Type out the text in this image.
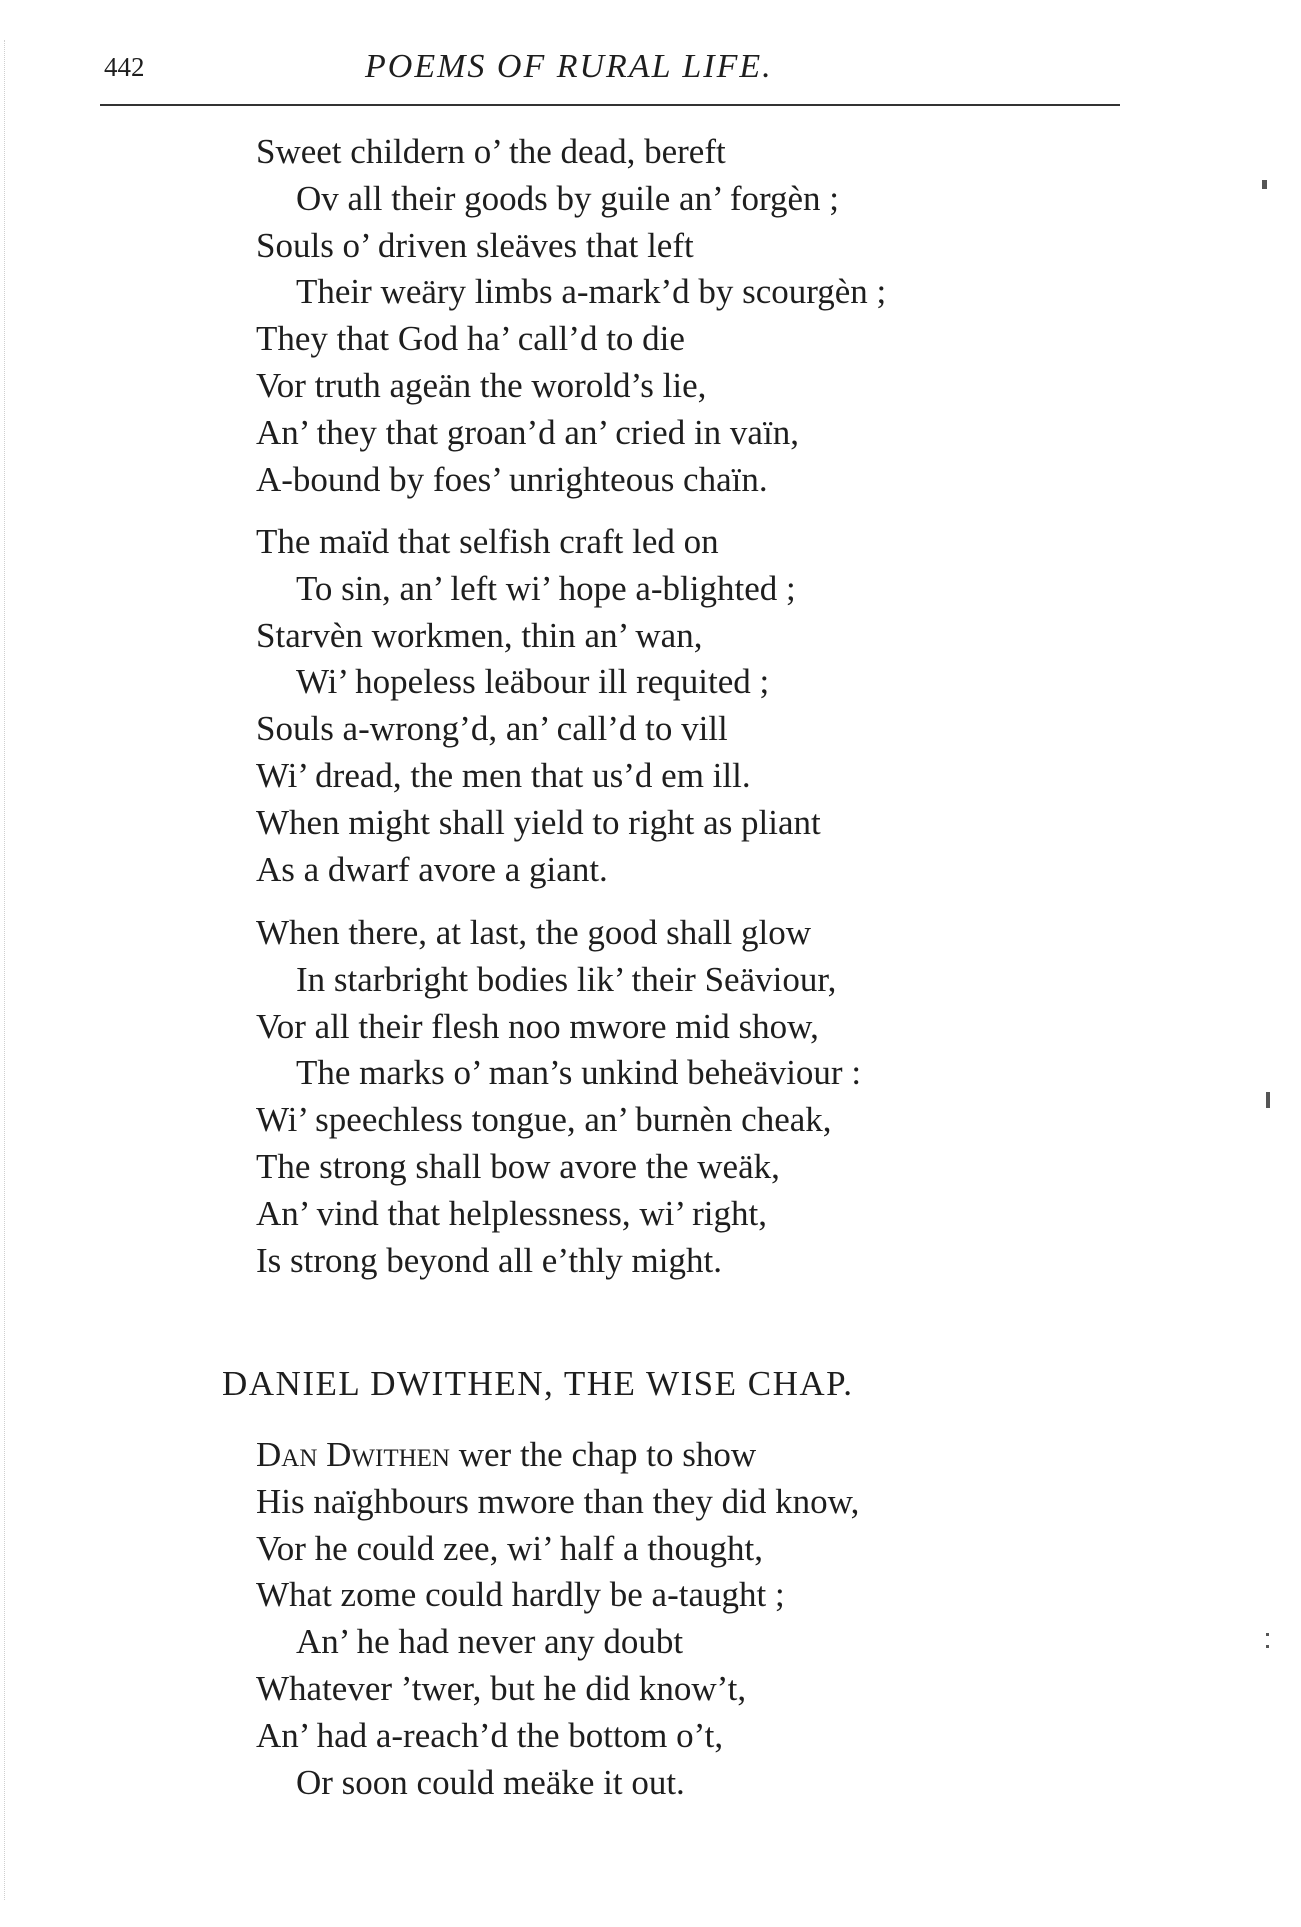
442	POEMS OF RURAL LIFE.
Sweet childern o’ the dead, bereft
Ov all their goods by guile an’ forgèn ;
Souls o’ driven sleäves that left
Their weäry limbs a-mark’d by scourgèn ;
They that God ha’ call’d to die
Vor truth ageän the worold’s lie,
An’ they that groan’d an’ cried in vaïn,
A-bound by foes’ unrighteous chaïn.
The maïd that selfish craft led on
To sin, an’ left wi’ hope a-blighted ;
Starvèn workmen, thin an’ wan,
Wi’ hopeless leäbour ill requited ;
Souls a-wrong’d, an’ call’d to vill
Wi’ dread, the men that us’d em ill.
When might shall yield to right as pliant
As a dwarf avore a giant.
When there, at last, the good shall glow
In starbright bodies lik’ their Seäviour,
Vor all their flesh noo mwore mid show,
The marks o’ man’s unkind beheäviour :
Wi’ speechless tongue, an’ burnèn cheak,
The strong shall bow avore the weäk,
An’ vind that helplessness, wi’ right,
Is strong beyond all e’thly might.
DANIEL DWITHEN, THE WISE CHAP.
Dan Dwithen wer the chap to show
His naïghbours mwore than they did know,
Vor he could zee, wi’ half a thought,
What zome could hardly be a-taught ;
An’ he had never any doubt
Whatever ’twer, but he did know’t,
An’ had a-reach’d the bottom o’t,
Or soon could meäke it out.
